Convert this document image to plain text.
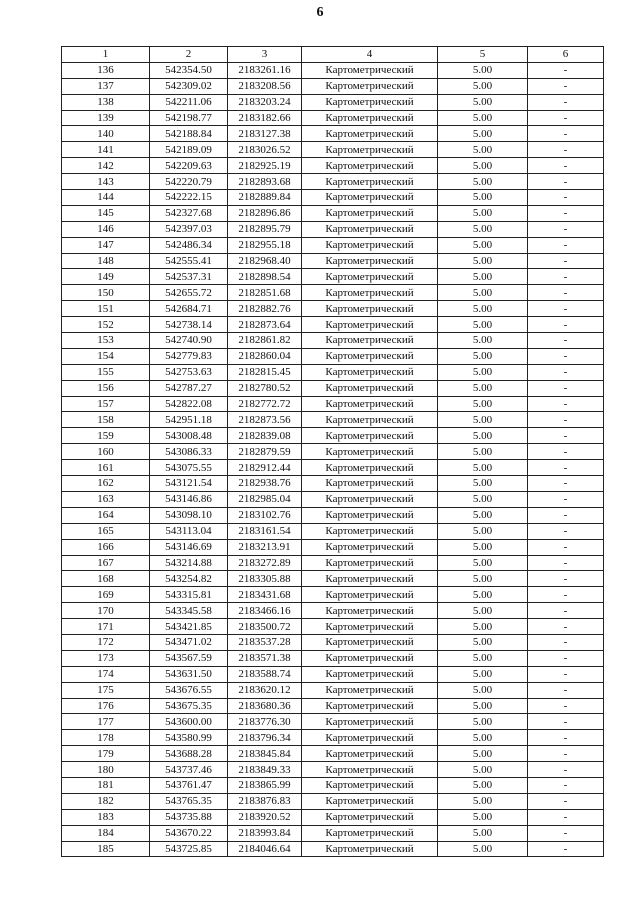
6
1	2	3	4	5	6
136	542354.50	2183261.16	Картометрический	5.00	-
137	542309.02	2183208.56	Картометрический	5.00	-
138	542211.06	2183203.24	Картометрический	5.00	-
139	542198.77	2183182.66	Картометрический	5.00	-
140	542188.84	2183127.38	Картометрический	5.00	-
141	542189.09	2183026.52	Картометрический	5.00	-
142	542209.63	2182925.19	Картометрический	5.00	-
143	542220.79	2182893.68	Картометрический	5.00	-
144	542222.15	2182889.84	Картометрический	5.00	-
145	542327.68	2182896.86	Картометрический	5.00	-
146	542397.03	2182895.79	Картометрический	5.00	-
147	542486.34	2182955.18	Картометрический	5.00	-
148	542555.41	2182968.40	Картометрический	5.00	-
149	542537.31	2182898.54	Картометрический	5.00	-
150	542655.72	2182851.68	Картометрический	5.00	-
151	542684.71	2182882.76	Картометрический	5.00	-
152	542738.14	2182873.64	Картометрический	5.00	-
153	542740.90	2182861.82	Картометрический	5.00	-
154	542779.83	2182860.04	Картометрический	5.00	-
155	542753.63	2182815.45	Картометрический	5.00	-
156	542787.27	2182780.52	Картометрический	5.00	-
157	542822.08	2182772.72	Картометрический	5.00	-
158	542951.18	2182873.56	Картометрический	5.00	-
159	543008.48	2182839.08	Картометрический	5.00	-
160	543086.33	2182879.59	Картометрический	5.00	-
161	543075.55	2182912.44	Картометрический	5.00	-
162	543121.54	2182938.76	Картометрический	5.00	-
163	543146.86	2182985.04	Картометрический	5.00	-
164	543098.10	2183102.76	Картометрический	5.00	-
165	543113.04	2183161.54	Картометрический	5.00	-
166	543146.69	2183213.91	Картометрический	5.00	-
167	543214.88	2183272.89	Картометрический	5.00	-
168	543254.82	2183305.88	Картометрический	5.00	-
169	543315.81	2183431.68	Картометрический	5.00	-
170	543345.58	2183466.16	Картометрический	5.00	-
171	543421.85	2183500.72	Картометрический	5.00	-
172	543471.02	2183537.28	Картометрический	5.00	-
173	543567.59	2183571.38	Картометрический	5.00	-
174	543631.50	2183588.74	Картометрический	5.00	-
175	543676.55	2183620.12	Картометрический	5.00	-
176	543675.35	2183680.36	Картометрический	5.00	-
177	543600.00	2183776.30	Картометрический	5.00	-
178	543580.99	2183796.34	Картометрический	5.00	-
179	543688.28	2183845.84	Картометрический	5.00	-
180	543737.46	2183849.33	Картометрический	5.00	-
181	543761.47	2183865.99	Картометрический	5.00	-
182	543765.35	2183876.83	Картометрический	5.00	-
183	543735.88	2183920.52	Картометрический	5.00	-
184	543670.22	2183993.84	Картометрический	5.00	-
185	543725.85	2184046.64	Картометрический	5.00	-
